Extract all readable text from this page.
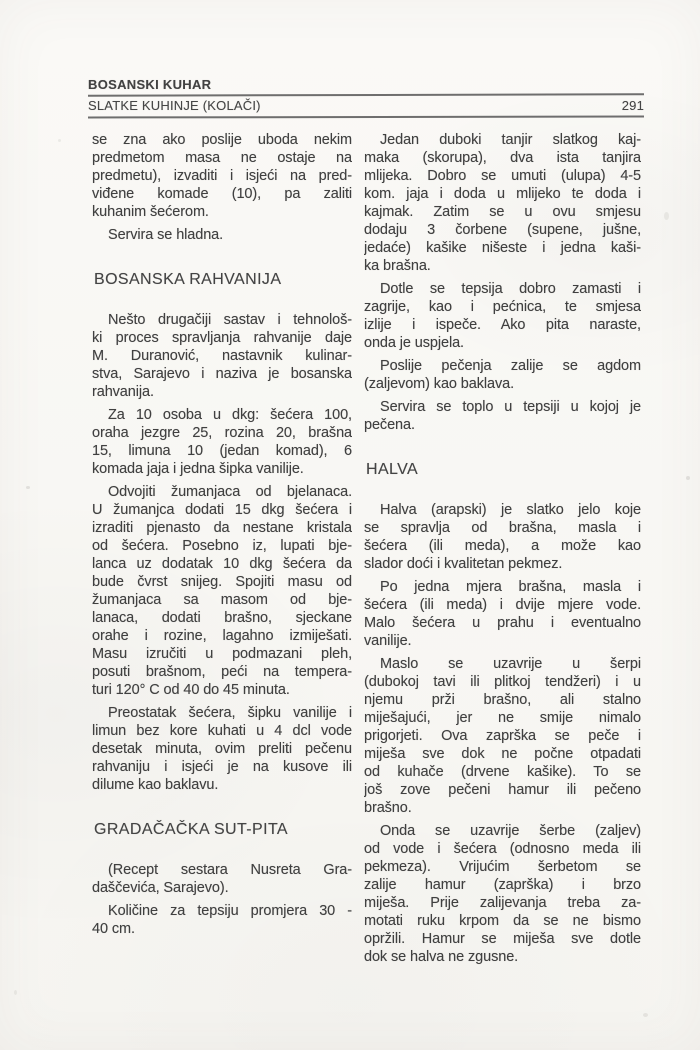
BOSANSKI KUHAR
SLATKE KUHINJE (KOLAČI)	291
se zna ako poslije uboda nekim
predmetom masa ne ostaje na
predmetu), izvaditi i isjeći na pred-
viđene komade (10), pa zaliti
kuhanim šećerom.
Servira se hladna.
BOSANSKA RAHVANIJA
Nešto drugačiji sastav i tehnološ-
ki proces spravljanja rahvanije daje
M. Duranović, nastavnik kulinar-
stva, Sarajevo i naziva je bosanska
rahvanija.
Za 10 osoba u dkg: šećera 100,
oraha jezgre 25, rozina 20, brašna
15, limuna 10 (jedan komad), 6
komada jaja i jedna šipka vanilije.
Odvojiti žumanjaca od bjelanaca.
U žumanjca dodati 15 dkg šećera i
izraditi pjenasto da nestane kristala
od šećera. Posebno iz, lupati bje-
lanca uz dodatak 10 dkg šećera da
bude čvrst snijeg. Spojiti masu od
žumanjaca sa masom od bje-
lanaca, dodati brašno, sjeckane
orahe i rozine, lagahno izmiješati.
Masu izručiti u podmazani pleh,
posuti brašnom, peći na tempera-
turi 120° C od 40 do 45 minuta.
Preostatak šećera, šipku vanilije i
limun bez kore kuhati u 4 dcl vode
desetak minuta, ovim preliti pečenu
rahvaniju i isjeći je na kusove ili
dilume kao baklavu.
GRADAČAČKA SUT-PITA
(Recept sestara Nusreta Gra-
daščevića, Sarajevo).
Količine za tepsiju promjera 30 -
40 cm.
Jedan duboki tanjir slatkog kaj-
maka (skorupa), dva ista tanjira
mlijeka. Dobro se umuti (ulupa) 4-5
kom. jaja i doda u mlijeko te doda i
kajmak. Zatim se u ovu smjesu
dodaju 3 čorbene (supene, jušne,
jedaće) kašike nišeste i jedna kaši-
ka brašna.
Dotle se tepsija dobro zamasti i
zagrije, kao i pećnica, te smjesa
izlije i ispeče. Ako pita naraste,
onda je uspjela.
Poslije pečenja zalije se agdom
(zaljevom) kao baklava.
Servira se toplo u tepsiji u kojoj je
pečena.
HALVA
Halva (arapski) je slatko jelo koje
se spravlja od brašna, masla i
šećera (ili meda), a može kao
slador doći i kvalitetan pekmez.
Po jedna mjera brašna, masla i
šećera (ili meda) i dvije mjere vode.
Malo šećera u prahu i eventualno
vanilije.
Maslo se uzavrije u šerpi
(dubokoj tavi ili plitkoj tendžeri) i u
njemu prži brašno, ali stalno
miješajući, jer ne smije nimalo
prigorjeti. Ova zaprška se peče i
miješa sve dok ne počne otpadati
od kuhače (drvene kašike). To se
još zove pečeni hamur ili pečeno
brašno.
Onda se uzavrije šerbe (zaljev)
od vode i šećera (odnosno meda ili
pekmeza). Vrijućim šerbetom se
zalije hamur (zaprška) i brzo
miješa. Prije zalijevanja treba za-
motati ruku krpom da se ne bismo
opržili. Hamur se miješa sve dotle
dok se halva ne zgusne.
